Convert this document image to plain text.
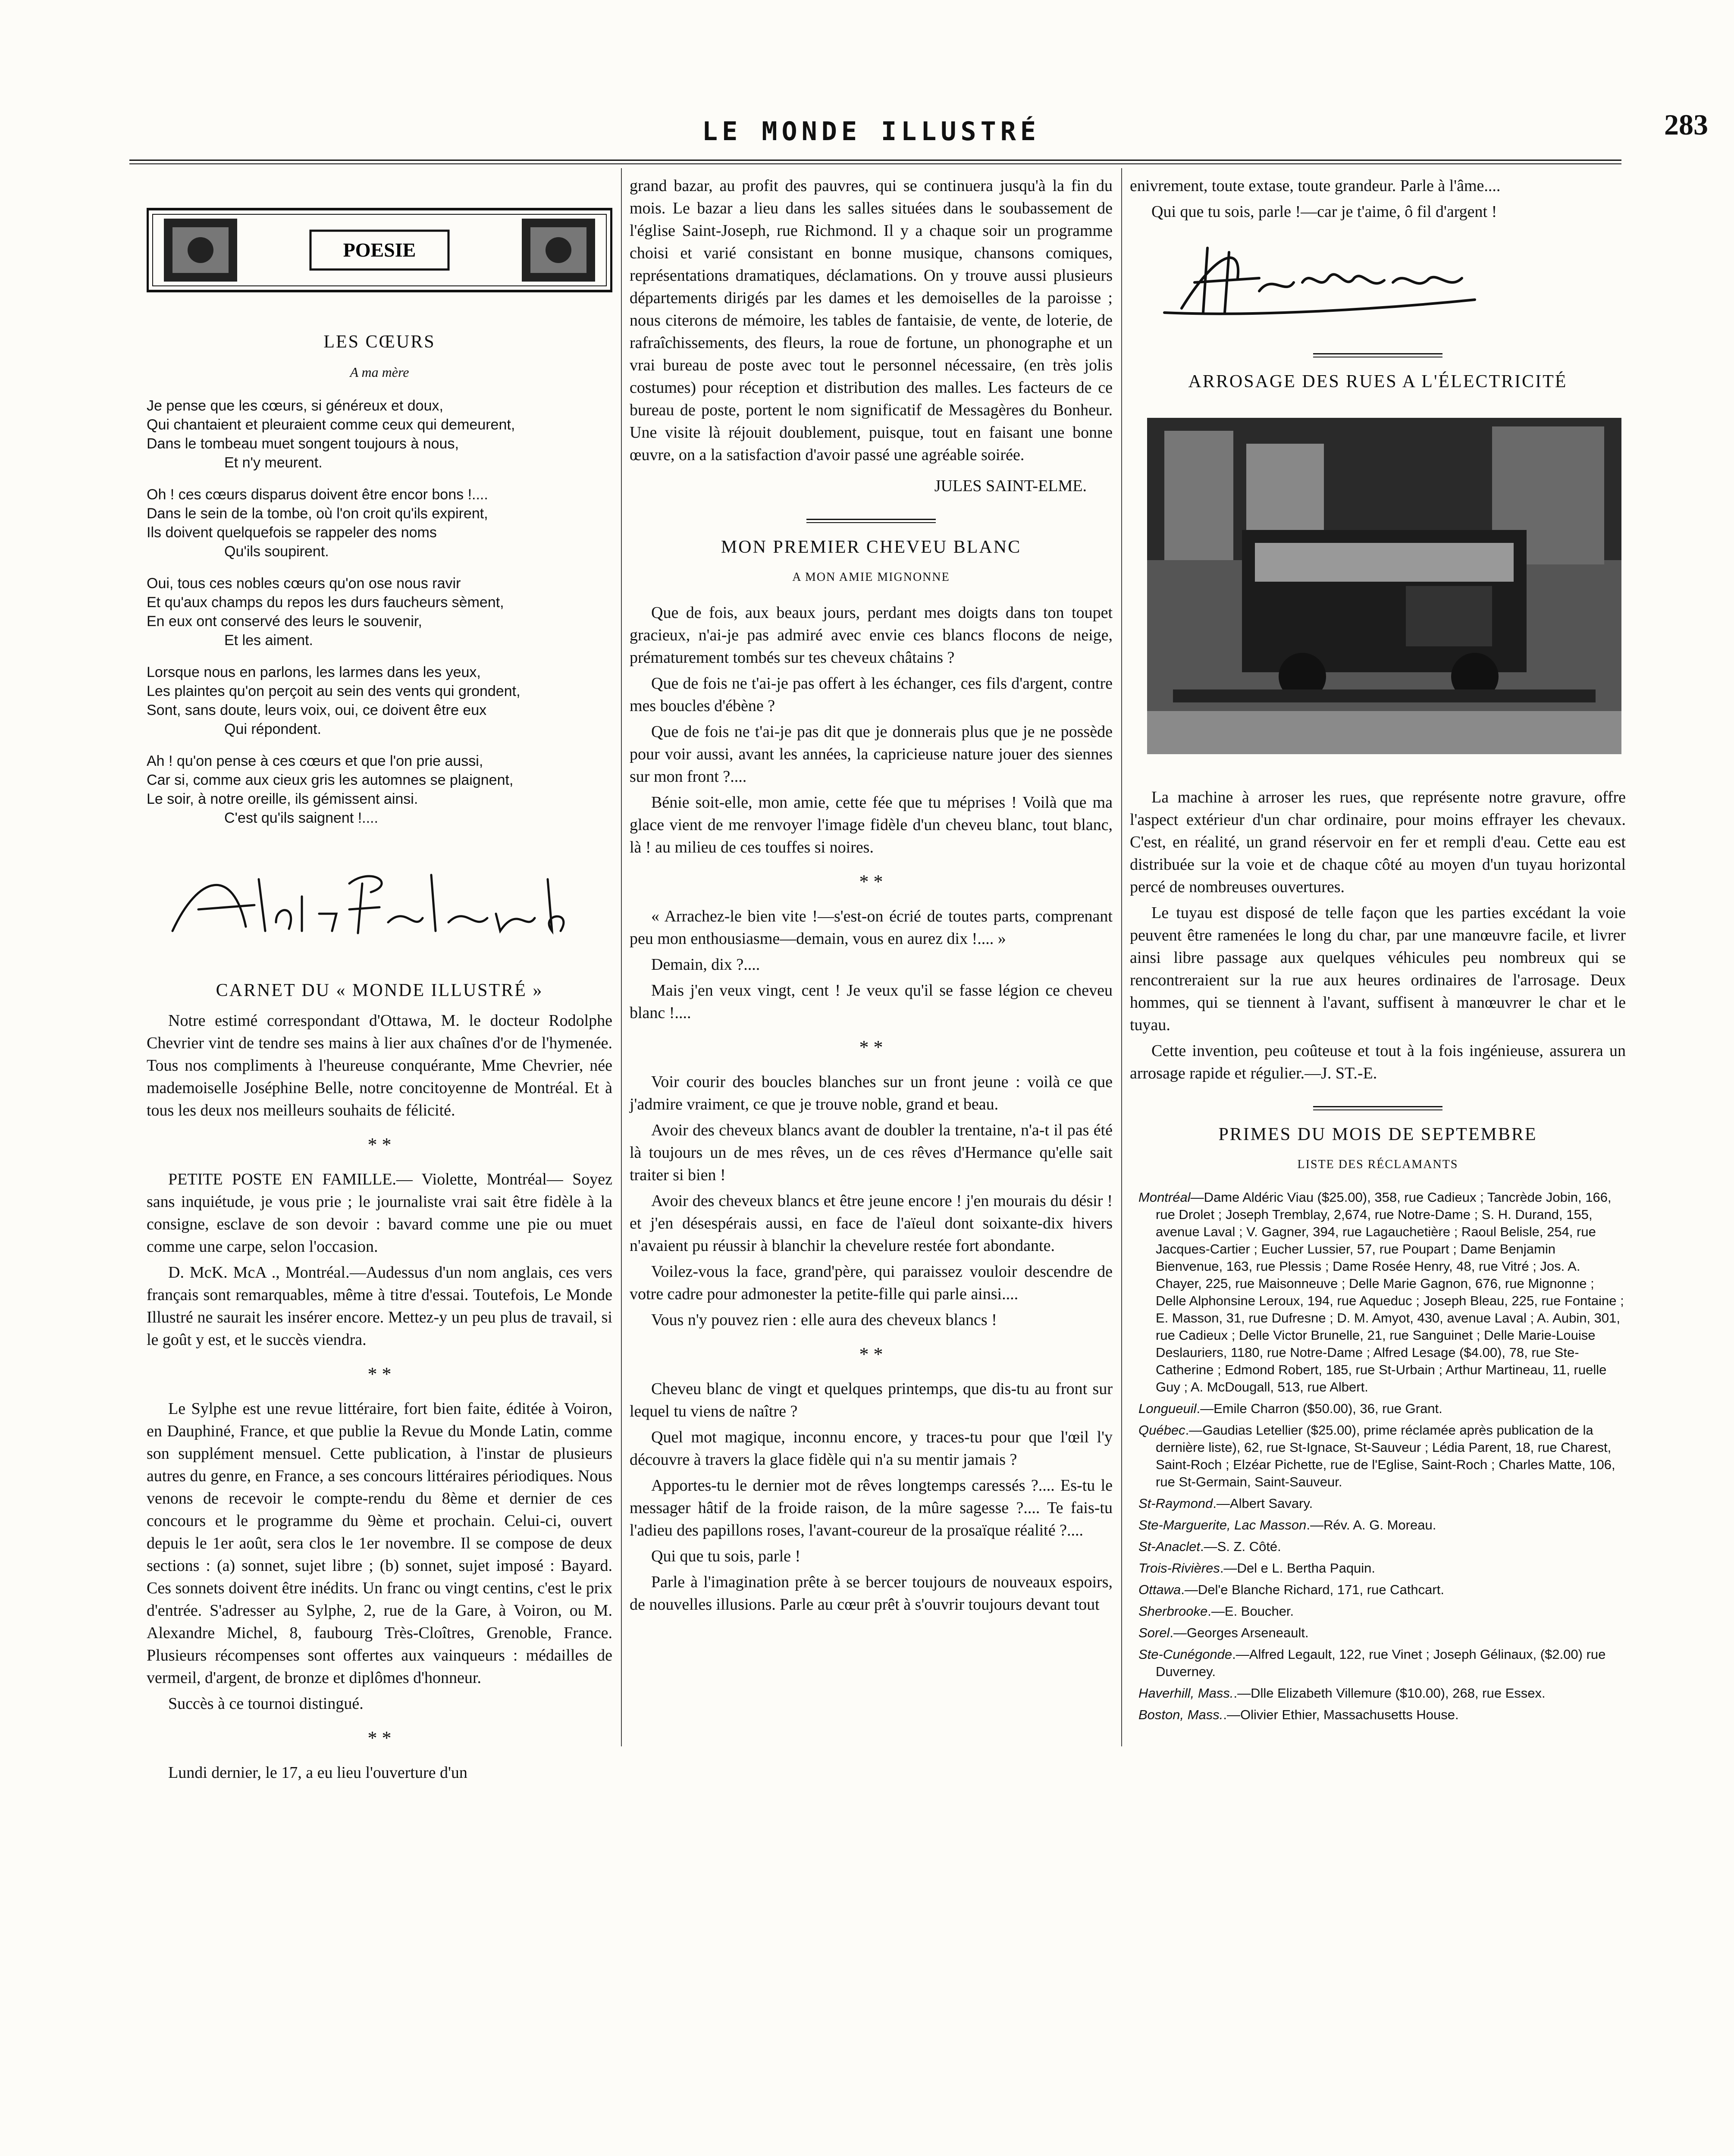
LE MONDE ILLUSTRÉ	283
POESIE
LES CŒURS
A ma mère
Je pense que les cœurs, si généreux et doux,
Qui chantaient et pleuraient comme ceux qui demeurent,
Dans le tombeau muet songent toujours à nous,
Et n'y meurent.
Oh ! ces cœurs disparus doivent être encor bons !....
Dans le sein de la tombe, où l'on croit qu'ils expirent,
Ils doivent quelquefois se rappeler des noms
Qu'ils soupirent.
Oui, tous ces nobles cœurs qu'on ose nous ravir
Et qu'aux champs du repos les durs faucheurs sèment,
En eux ont conservé des leurs le souvenir,
Et les aiment.
Lorsque nous en parlons, les larmes dans les yeux,
Les plaintes qu'on perçoit au sein des vents qui grondent,
Sont, sans doute, leurs voix, oui, ce doivent être eux
Qui répondent.
Ah ! qu'on pense à ces cœurs et que l'on prie aussi,
Car si, comme aux cieux gris les automnes se plaignent,
Le soir, à notre oreille, ils gémissent ainsi.
C'est qu'ils saignent !....
CARNET DU « MONDE ILLUSTRÉ »

Notre estimé correspondant d'Ottawa, M. le docteur Rodolphe Chevrier vint de tendre ses mains à lier aux chaînes d'or de l'hymenée. Tous nos compliments à l'heureuse conquérante, Mme Chevrier, née mademoiselle Joséphine Belle, notre concitoyenne de Montréal. Et à tous les deux nos meilleurs souhaits de félicité.

* *

PETITE POSTE EN FAMILLE.— Violette, Montréal— Soyez sans inquiétude, je vous prie ; le journaliste vrai sait être fidèle à la consigne, esclave de son devoir : bavard comme une pie ou muet comme une carpe, selon l'occasion.

D. McK. McA ., Montréal.—Audessus d'un nom anglais, ces vers français sont remarquables, même à titre d'essai. Toutefois, Le Monde Illustré ne saurait les insérer encore. Mettez-y un peu plus de travail, si le goût y est, et le succès viendra.

* *

Le Sylphe est une revue littéraire, fort bien faite, éditée à Voiron, en Dauphiné, France, et que publie la Revue du Monde Latin, comme son supplément mensuel. Cette publication, à l'instar de plusieurs autres du genre, en France, a ses concours littéraires périodiques. Nous venons de recevoir le compte-rendu du 8ème et dernier de ces concours et le programme du 9ème et prochain. Celui-ci, ouvert depuis le 1er août, sera clos le 1er novembre. Il se compose de deux sections : (a) sonnet, sujet libre ; (b) sonnet, sujet imposé : Bayard. Ces sonnets doivent être inédits. Un franc ou vingt centins, c'est le prix d'entrée. S'adresser au Sylphe, 2, rue de la Gare, à Voiron, ou M. Alexandre Michel, 8, faubourg Très-Cloîtres, Grenoble, France. Plusieurs récompenses sont offertes aux vainqueurs : médailles de vermeil, d'argent, de bronze et diplômes d'honneur.

Succès à ce tournoi distingué.

* *

Lundi dernier, le 17, a eu lieu l'ouverture d'un

grand bazar, au profit des pauvres, qui se continuera jusqu'à la fin du mois. Le bazar a lieu dans les salles situées dans le soubassement de l'église Saint-Joseph, rue Richmond. Il y a chaque soir un programme choisi et varié consistant en bonne musique, chansons comiques, représentations dramatiques, déclamations. On y trouve aussi plusieurs départements dirigés par les dames et les demoiselles de la paroisse ; nous citerons de mémoire, les tables de fantaisie, de vente, de loterie, de rafraîchissements, des fleurs, la roue de fortune, un phonographe et un vrai bureau de poste avec tout le personnel nécessaire, (en très jolis costumes) pour réception et distribution des malles. Les facteurs de ce bureau de poste, portent le nom significatif de Messagères du Bonheur. Une visite là réjouit doublement, puisque, tout en faisant une bonne œuvre, on a la satisfaction d'avoir passé une agréable soirée.

JULES SAINT-ELME.
MON PREMIER CHEVEU BLANC
A MON AMIE MIGNONNE

Que de fois, aux beaux jours, perdant mes doigts dans ton toupet gracieux, n'ai-je pas admiré avec envie ces blancs flocons de neige, prématurement tombés sur tes cheveux châtains ?

Que de fois ne t'ai-je pas offert à les échanger, ces fils d'argent, contre mes boucles d'ébène ?

Que de fois ne t'ai-je pas dit que je donnerais plus que je ne possède pour voir aussi, avant les années, la capricieuse nature jouer des siennes sur mon front ?....

Bénie soit-elle, mon amie, cette fée que tu méprises ! Voilà que ma glace vient de me renvoyer l'image fidèle d'un cheveu blanc, tout blanc, là ! au milieu de ces touffes si noires.

* *

« Arrachez-le bien vite !—s'est-on écrié de toutes parts, comprenant peu mon enthousiasme—demain, vous en aurez dix !.... »

Demain, dix ?....

Mais j'en veux vingt, cent ! Je veux qu'il se fasse légion ce cheveu blanc !....

* *

Voir courir des boucles blanches sur un front jeune : voilà ce que j'admire vraiment, ce que je trouve noble, grand et beau.

Avoir des cheveux blancs avant de doubler la trentaine, n'a-t il pas été là toujours un de mes rêves, un de ces rêves d'Hermance qu'elle sait traiter si bien !

Avoir des cheveux blancs et être jeune encore ! j'en mourais du désir ! et j'en désespérais aussi, en face de l'aïeul dont soixante-dix hivers n'avaient pu réussir à blanchir la chevelure restée fort abondante.

Voilez-vous la face, grand'père, qui paraissez vouloir descendre de votre cadre pour admonester la petite-fille qui parle ainsi....

Vous n'y pouvez rien : elle aura des cheveux blancs !

* *

Cheveu blanc de vingt et quelques printemps, que dis-tu au front sur lequel tu viens de naître ?

Quel mot magique, inconnu encore, y traces-tu pour que l'œil l'y découvre à travers la glace fidèle qui n'a su mentir jamais ?

Apportes-tu le dernier mot de rêves longtemps caressés ?.... Es-tu le messager hâtif de la froide raison, de la mûre sagesse ?.... Te fais-tu l'adieu des papillons roses, l'avant-coureur de la prosaïque réalité ?....

Qui que tu sois, parle !

Parle à l'imagination prête à se bercer toujours de nouveaux espoirs, de nouvelles illusions. Parle au cœur prêt à s'ouvrir toujours devant tout

enivrement, toute extase, toute grandeur. Parle à l'âme....

Qui que tu sois, parle !—car je t'aime, ô fil d'argent !

ARROSAGE DES RUES A L'ÉLECTRICITÉ

La machine à arroser les rues, que représente notre gravure, offre l'aspect extérieur d'un char ordinaire, pour moins effrayer les chevaux. C'est, en réalité, un grand réservoir en fer et rempli d'eau. Cette eau est distribuée sur la voie et de chaque côté au moyen d'un tuyau horizontal percé de nombreuses ouvertures.

Le tuyau est disposé de telle façon que les parties excédant la voie peuvent être ramenées le long du char, par une manœuvre facile, et livrer ainsi libre passage aux quelques véhicules peu nombreux qui se rencontreraient sur la rue aux heures ordinaires de l'arrosage. Deux hommes, qui se tiennent à l'avant, suffisent à manœuvrer le char et le tuyau.

Cette invention, peu coûteuse et tout à la fois ingénieuse, assurera un arrosage rapide et régulier.—J. ST.-E.

PRIMES DU MOIS DE SEPTEMBRE
LISTE DES RÉCLAMANTS

Montréal—Dame Aldéric Viau ($25.00), 358, rue Cadieux ; Tancrède Jobin, 166, rue Drolet ; Joseph Tremblay, 2,674, rue Notre-Dame ; S. H. Durand, 155, avenue Laval ; V. Gagner, 394, rue Lagauchetière ; Raoul Belisle, 254, rue Jacques-Cartier ; Eucher Lussier, 57, rue Poupart ; Dame Benjamin Bienvenue, 163, rue Plessis ; Dame Rosée Henry, 48, rue Vitré ; Jos. A. Chayer, 225, rue Maisonneuve ; Delle Marie Gagnon, 676, rue Mignonne ; Delle Alphonsine Leroux, 194, rue Aqueduc ; Joseph Bleau, 225, rue Fontaine ; E. Masson, 31, rue Dufresne ; D. M. Amyot, 430, avenue Laval ; A. Aubin, 301, rue Cadieux ; Delle Victor Brunelle, 21, rue Sanguinet ; Delle Marie-Louise Deslauriers, 1180, rue Notre-Dame ; Alfred Lesage ($4.00), 78, rue Ste-Catherine ; Edmond Robert, 185, rue St-Urbain ; Arthur Martineau, 11, ruelle Guy ; A. McDougall, 513, rue Albert.

Longueuil.—Emile Charron ($50.00), 36, rue Grant.

Québec.—Gaudias Letellier ($25.00), prime réclamée après publication de la dernière liste), 62, rue St-Ignace, St-Sauveur ; Lédia Parent, 18, rue Charest, Saint-Roch ; Elzéar Pichette, rue de l'Eglise, Saint-Roch ; Charles Matte, 106, rue St-Germain, Saint-Sauveur.

St-Raymond.—Albert Savary.

Ste-Marguerite, Lac Masson.—Rév. A. G. Moreau.

St-Anaclet.—S. Z. Côté.

Trois-Rivières.—Del e L. Bertha Paquin.

Ottawa.—Del'e Blanche Richard, 171, rue Cathcart.

Sherbrooke.—E. Boucher.

Sorel.—Georges Arseneault.

Ste-Cunégonde.—Alfred Legault, 122, rue Vinet ; Joseph Gélinaux, ($2.00) rue Duverney.

Haverhill, Mass..—Dlle Elizabeth Villemure ($10.00), 268, rue Essex.

Boston, Mass..—Olivier Ethier, Massachusetts House.
